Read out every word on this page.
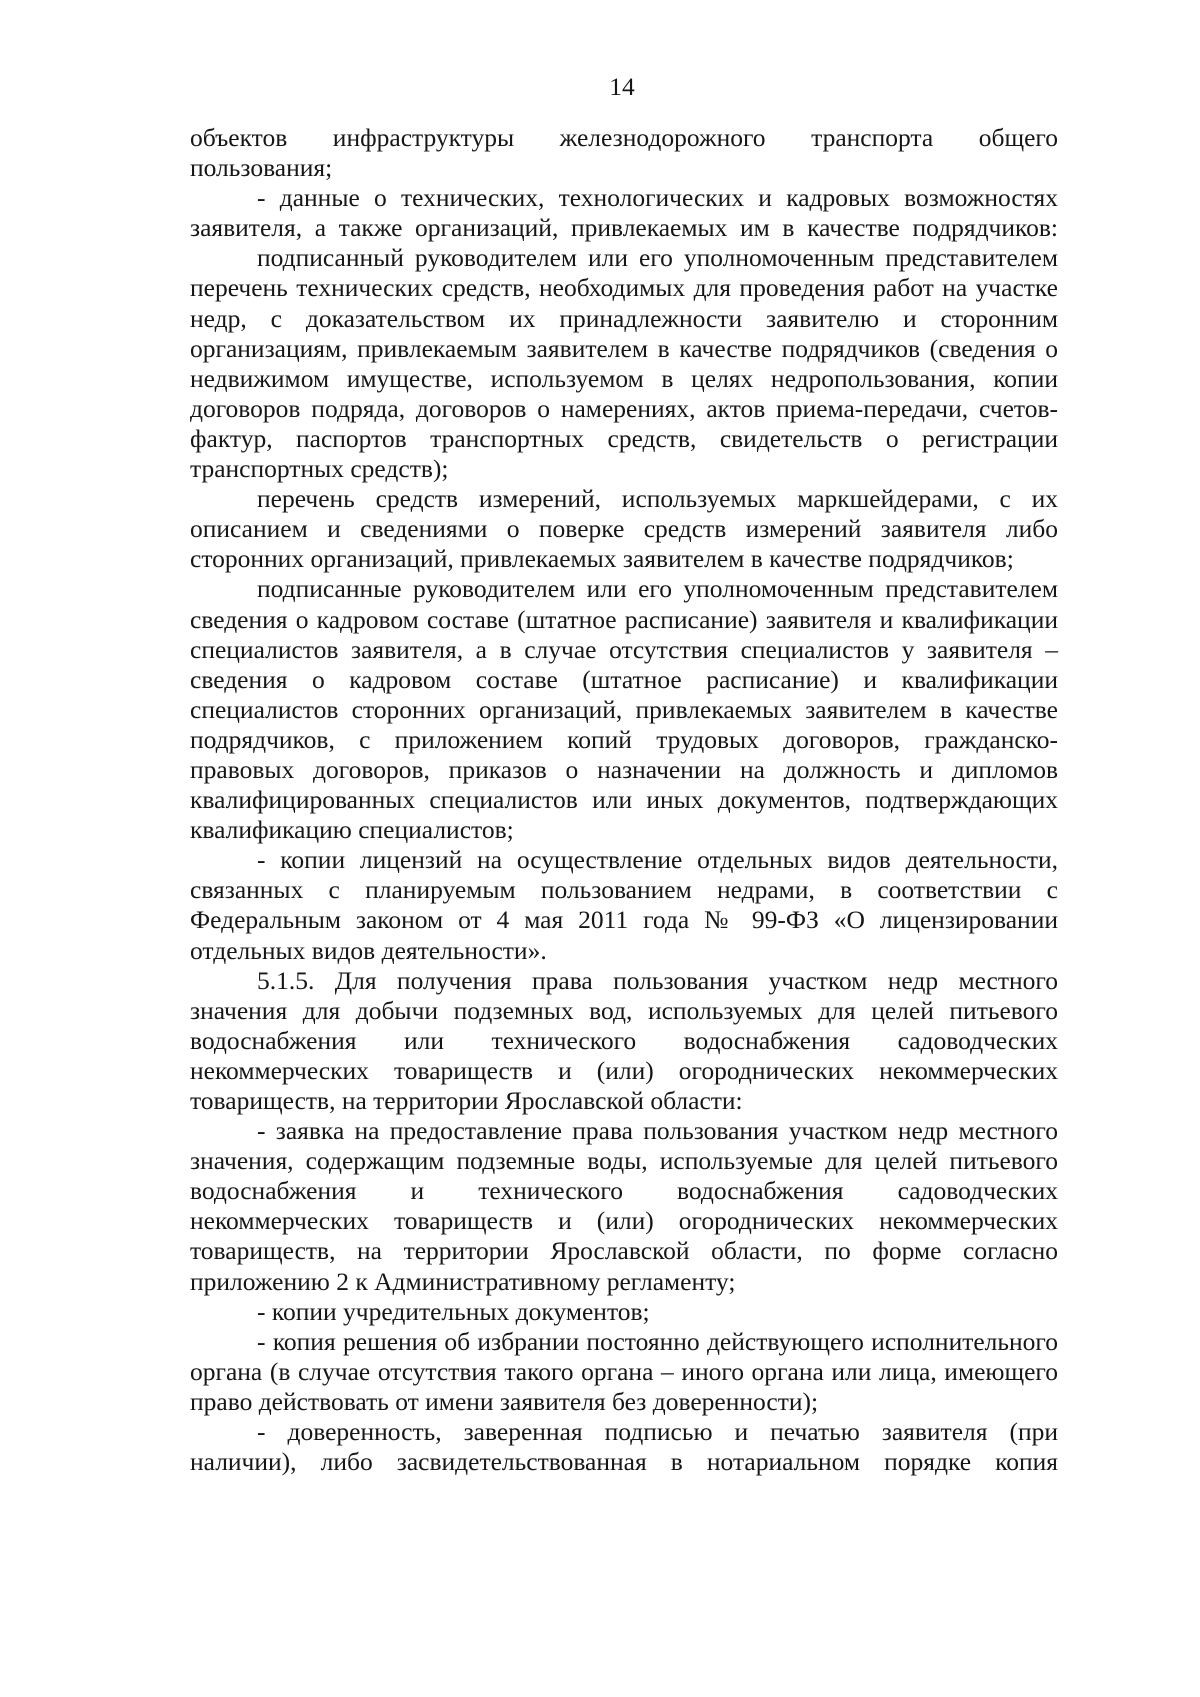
14
объектов инфраструктуры железнодорожного транспорта общего
пользования;
- данные о технических, технологических и кадровых возможностях
заявителя, а также организаций, привлекаемых им в качестве подрядчиков:
подписанный руководителем или его уполномоченным представителем
перечень технических средств, необходимых для проведения работ на участке
недр, с доказательством их принадлежности заявителю и сторонним
организациям, привлекаемым заявителем в качестве подрядчиков (сведения о
недвижимом имуществе, используемом в целях недропользования, копии
договоров подряда, договоров о намерениях, актов приема-передачи, счетов-
фактур, паспортов транспортных средств, свидетельств о регистрации
транспортных средств);
перечень средств измерений, используемых маркшейдерами, с их
описанием и сведениями о поверке средств измерений заявителя либо
сторонних организаций, привлекаемых заявителем в качестве подрядчиков;
подписанные руководителем или его уполномоченным представителем
сведения о кадровом составе (штатное расписание) заявителя и квалификации
специалистов заявителя, а в случае отсутствия специалистов у заявителя –
сведения о кадровом составе (штатное расписание) и квалификации
специалистов сторонних организаций, привлекаемых заявителем в качестве
подрядчиков, с приложением копий трудовых договоров, гражданско-
правовых договоров, приказов о назначении на должность и дипломов
квалифицированных специалистов или иных документов, подтверждающих
квалификацию специалистов;
- копии лицензий на осуществление отдельных видов деятельности,
связанных с планируемым пользованием недрами, в соответствии с
Федеральным законом от 4 мая 2011 года № 99-ФЗ «О лицензировании
отдельных видов деятельности».
5.1.5. Для получения права пользования участком недр местного
значения для добычи подземных вод, используемых для целей питьевого
водоснабжения или технического водоснабжения садоводческих
некоммерческих товариществ и (или) огороднических некоммерческих
товариществ, на территории Ярославской области:
- заявка на предоставление права пользования участком недр местного
значения, содержащим подземные воды, используемые для целей питьевого
водоснабжения и технического водоснабжения садоводческих
некоммерческих товариществ и (или) огороднических некоммерческих
товариществ, на территории Ярославской области, по форме согласно
приложению 2 к Административному регламенту;
- копии учредительных документов;
- копия решения об избрании постоянно действующего исполнительного
органа (в случае отсутствия такого органа – иного органа или лица, имеющего
право действовать от имени заявителя без доверенности);
- доверенность, заверенная подписью и печатью заявителя (при
наличии), либо засвидетельствованная в нотариальном порядке копия
